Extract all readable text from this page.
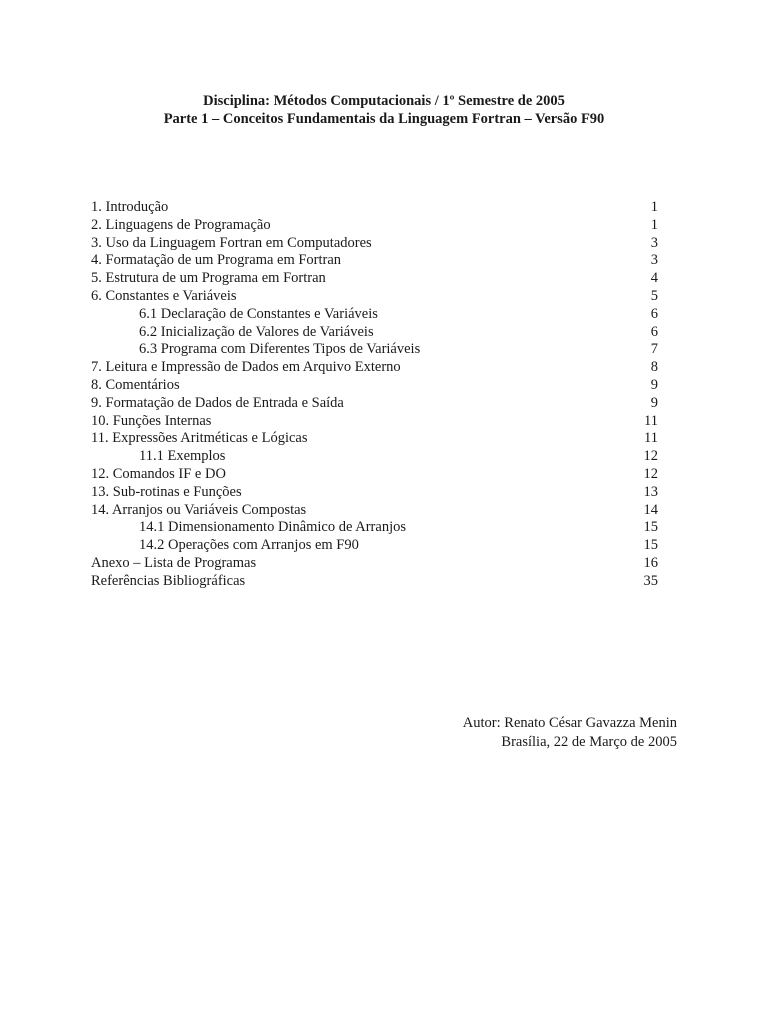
Disciplina: Métodos Computacionais / 1º Semestre de 2005
Parte 1 – Conceitos Fundamentais da Linguagem Fortran – Versão F90
1. Introdução	1
2. Linguagens de Programação	1
3. Uso da Linguagem Fortran em Computadores	3
4. Formatação de um Programa em Fortran	3
5. Estrutura de um Programa em Fortran	4
6. Constantes e Variáveis	5
6.1 Declaração de Constantes e Variáveis	6
6.2 Inicialização de Valores de Variáveis	6
6.3 Programa com Diferentes Tipos de Variáveis	7
7. Leitura e Impressão de Dados em Arquivo Externo	8
8. Comentários	9
9. Formatação de Dados de Entrada e Saída	9
10. Funções Internas	11
11. Expressões Aritméticas e Lógicas	11
11.1 Exemplos	12
12. Comandos IF e DO	12
13. Sub-rotinas e Funções	13
14. Arranjos ou Variáveis Compostas	14
14.1 Dimensionamento Dinâmico de Arranjos	15
14.2 Operações com Arranjos em F90	15
Anexo – Lista de Programas	16
Referências Bibliográficas	35
Autor: Renato César Gavazza Menin
Brasília, 22 de Março de 2005
